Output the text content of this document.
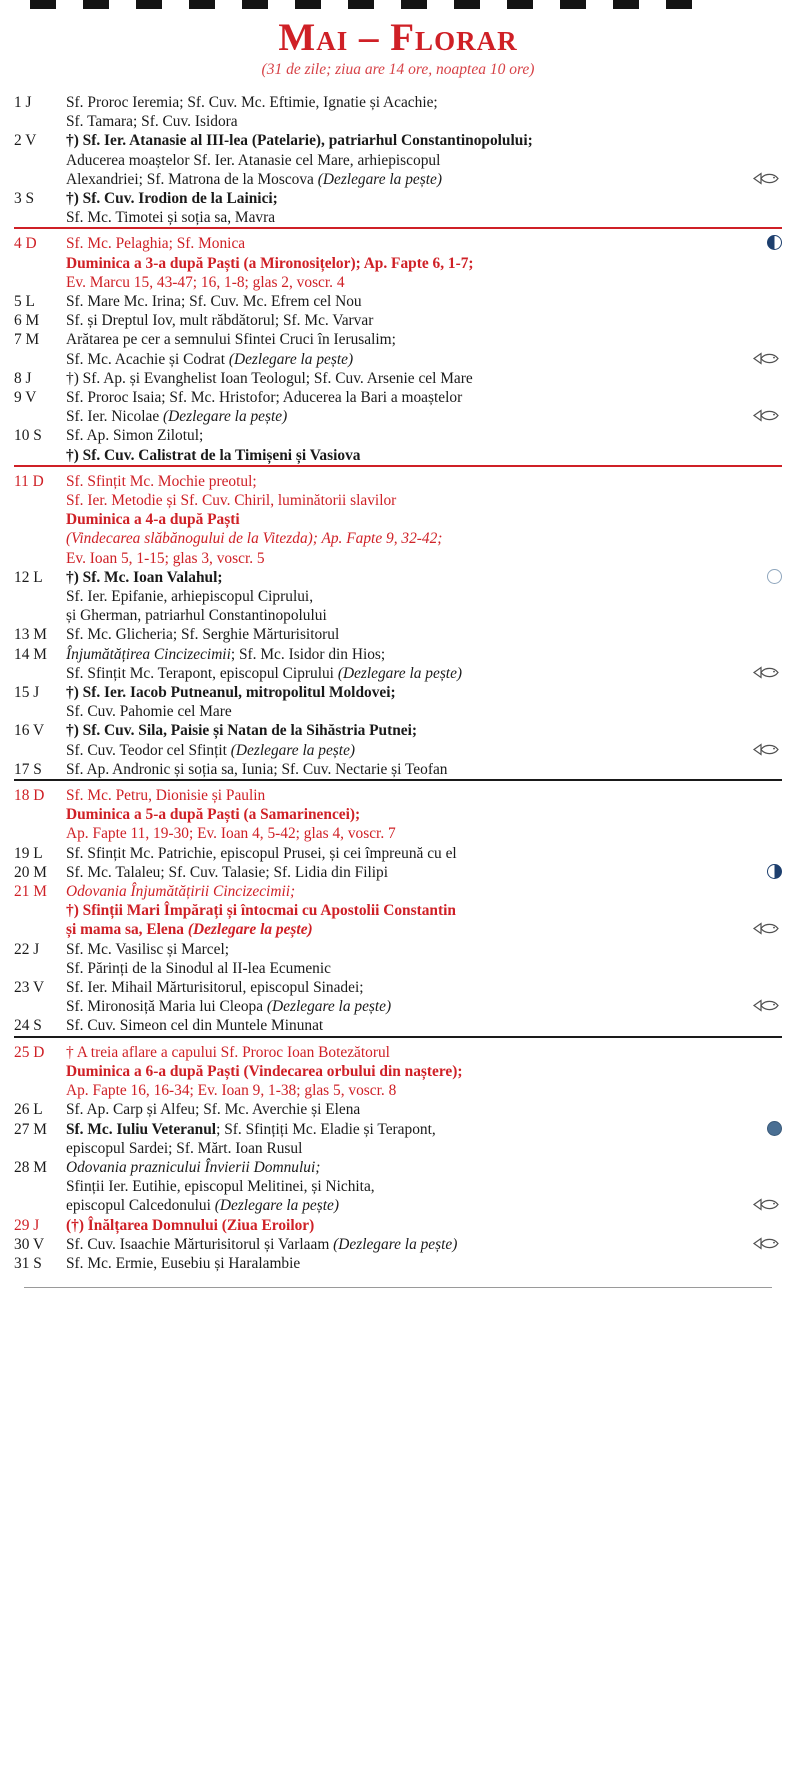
Mai – Florar
(31 de zile; ziua are 14 ore, noaptea 10 ore)
1 J	Sf. Proroc Ieremia; Sf. Cuv. Mc. Eftimie, Ignatie și Acachie;
Sf. Tamara; Sf. Cuv. Isidora	

2 V	†) Sf. Ier. Atanasie al III-lea (Patelarie), patriarhul Constantinopolului;
Aducerea moaștelor Sf. Ier. Atanasie cel Mare, arhiepiscopul
Alexandriei; Sf. Matrona de la Moscova (Dezlegare la pește)

3 S	†) Sf. Cuv. Irodion de la Lainici;
Sf. Mc. Timotei și soția sa, Mavra	

4 D	Sf. Mc. Pelaghia; Sf. Monica
Duminica a 3-a după Paști (a Mironosițelor); Ap. Fapte 6, 1-7;
Ev. Marcu 15, 43-47; 16, 1-8; glas 2, voscr. 4	

5 L	Sf. Mare Mc. Irina; Sf. Cuv. Mc. Efrem cel Nou	

6 M	Sf. și Dreptul Iov, mult răbdătorul; Sf. Mc. Varvar	

7 M	Arătarea pe cer a semnului Sfintei Cruci în Ierusalim;
Sf. Mc. Acachie și Codrat (Dezlegare la pește)

8 J	†) Sf. Ap. și Evanghelist Ioan Teologul; Sf. Cuv. Arsenie cel Mare	

9 V	Sf. Proroc Isaia; Sf. Mc. Hristofor; Aducerea la Bari a moaștelor
Sf. Ier. Nicolae (Dezlegare la pește)

10 S	Sf. Ap. Simon Zilotul;
†) Sf. Cuv. Calistrat de la Timișeni și Vasiova	

11 D	Sf. Sfințit Mc. Mochie preotul;
Sf. Ier. Metodie și Sf. Cuv. Chiril, luminătorii slavilor
Duminica a 4-a după Paști
(Vindecarea slăbănogului de la Vitezda); Ap. Fapte 9, 32-42;
Ev. Ioan 5, 1-15; glas 3, voscr. 5	

12 L	†) Sf. Mc. Ioan Valahul;
Sf. Ier. Epifanie, arhiepiscopul Ciprului,
și Gherman, patriarhul Constantinopolului	

13 M	Sf. Mc. Glicheria; Sf. Serghie Mărturisitorul	

14 M	Înjumătățirea Cincizecimii; Sf. Mc. Isidor din Hios;
Sf. Sfințit Mc. Terapont, episcopul Ciprului (Dezlegare la pește)

15 J	†) Sf. Ier. Iacob Putneanul, mitropolitul Moldovei;
Sf. Cuv. Pahomie cel Mare	

16 V	†) Sf. Cuv. Sila, Paisie și Natan de la Sihăstria Putnei;
Sf. Cuv. Teodor cel Sfințit (Dezlegare la pește)

17 S	Sf. Ap. Andronic și soția sa, Iunia; Sf. Cuv. Nectarie și Teofan	

18 D	Sf. Mc. Petru, Dionisie și Paulin
Duminica a 5-a după Paști (a Samarinencei);
Ap. Fapte 11, 19-30; Ev. Ioan 4, 5-42; glas 4, voscr. 7	

19 L	Sf. Sfințit Mc. Patrichie, episcopul Prusei, și cei împreună cu el	

20 M	Sf. Mc. Talaleu; Sf. Cuv. Talasie; Sf. Lidia din Filipi	

21 M	Odovania Înjumătățirii Cincizecimii;
†) Sfinții Mari Împărați și întocmai cu Apostolii Constantin
și mama sa, Elena (Dezlegare la pește)

22 J	Sf. Mc. Vasilisc și Marcel;
Sf. Părinți de la Sinodul al II-lea Ecumenic	

23 V	Sf. Ier. Mihail Mărturisitorul, episcopul Sinadei;
Sf. Mironosiță Maria lui Cleopa (Dezlegare la pește)

24 S	Sf. Cuv. Simeon cel din Muntele Minunat	

25 D	† A treia aflare a capului Sf. Proroc Ioan Botezătorul
Duminica a 6-a după Paști (Vindecarea orbului din naștere);
Ap. Fapte 16, 16-34; Ev. Ioan 9, 1-38; glas 5, voscr. 8	

26 L	Sf. Ap. Carp și Alfeu; Sf. Mc. Averchie și Elena	

27 M	Sf. Mc. Iuliu Veteranul; Sf. Sfințiți Mc. Eladie și Terapont,
episcopul Sardei; Sf. Mărt. Ioan Rusul	

28 M	Odovania praznicului Învierii Domnului;
Sfinții Ier. Eutihie, episcopul Melitinei, și Nichita,
episcopul Calcedonului (Dezlegare la pește)

29 J	(†) Înălțarea Domnului (Ziua Eroilor)	

30 V	Sf. Cuv. Isaachie Mărturisitorul și Varlaam (Dezlegare la pește)

31 S	Sf. Mc. Ermie, Eusebiu și Haralambie	
